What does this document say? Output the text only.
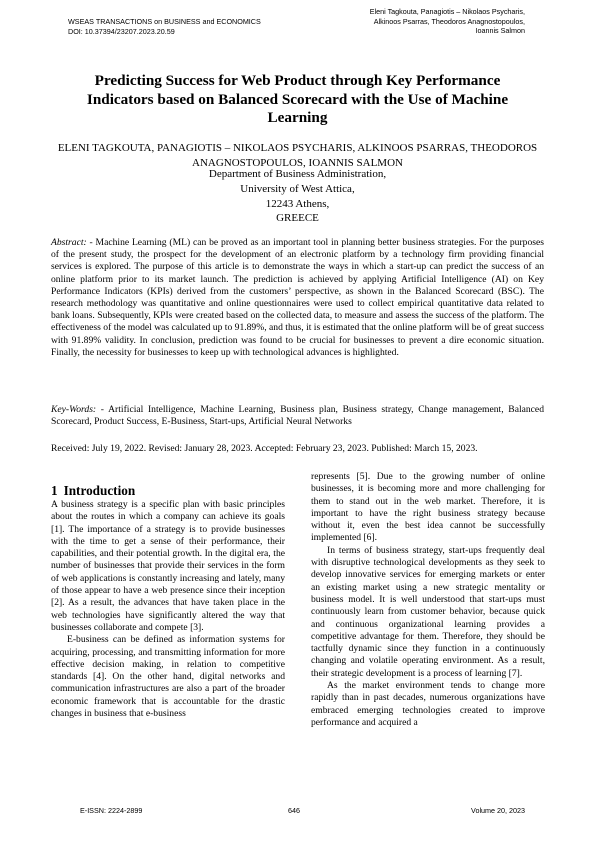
WSEAS TRANSACTIONS on BUSINESS and ECONOMICS
DOI: 10.37394/23207.2023.20.59
Eleni Tagkouta, Panagiotis – Nikolaos Psycharis,
Alkinoos Psarras, Theodoros Anagnostopoulos,
Ioannis Salmon
Predicting Success for Web Product through Key Performance Indicators based on Balanced Scorecard with the Use of Machine Learning
ELENI TAGKOUTA, PANAGIOTIS – NIKOLAOS PSYCHARIS, ALKINOOS PSARRAS, THEODOROS ANAGNOSTOPOULOS, IOANNIS SALMON
Department of Business Administration,
University of West Attica,
12243 Athens,
GREECE
Abstract: - Machine Learning (ML) can be proved as an important tool in planning better business strategies. For the purposes of the present study, the prospect for the development of an electronic platform by a technology firm providing financial services is explored. The purpose of this article is to demonstrate the ways in which a start-up can predict the success of an online platform prior to its market launch. The prediction is achieved by applying Artificial Intelligence (AI) on Key Performance Indicators (KPIs) derived from the customers’ perspective, as shown in the Balanced Scorecard (BSC). The research methodology was quantitative and online questionnaires were used to collect empirical quantitative data related to bank loans. Subsequently, KPIs were created based on the collected data, to measure and assess the success of the platform. The effectiveness of the model was calculated up to 91.89%, and thus, it is estimated that the online platform will be of great success with 91.89% validity. In conclusion, prediction was found to be crucial for businesses to prevent a dire economic situation. Finally, the necessity for businesses to keep up with technological advances is highlighted.
Key-Words: - Artificial Intelligence, Machine Learning, Business plan, Business strategy, Change management, Balanced Scorecard, Product Success, E-Business, Start-ups, Artificial Neural Networks
Received: July 19, 2022. Revised: January 28, 2023. Accepted: February 23, 2023. Published: March 15, 2023.
1 Introduction

A business strategy is a specific plan with basic principles about the routes in which a company can achieve its goals [1]. The importance of a strategy is to provide businesses with the time to get a sense of their performance, their capabilities, and their potential growth. In the digital era, the number of businesses that provide their services in the form of web applications is constantly increasing and lately, many of those appear to have a web presence since their inception [2]. As a result, the advances that have taken place in the web technologies have significantly altered the way that businesses collaborate and compete [3].

E-business can be defined as information systems for acquiring, processing, and transmitting information for more effective decision making, in relation to competitive standards [4]. On the other hand, digital networks and communication infrastructures are also a part of the broader economic framework that is accountable for the drastic changes in business that e-business

represents [5]. Due to the growing number of online businesses, it is becoming more and more challenging for them to stand out in the web market. Therefore, it is important to have the right business strategy because without it, even the best idea cannot be successfully implemented [6].

In terms of business strategy, start-ups frequently deal with disruptive technological developments as they seek to develop innovative services for emerging markets or enter an existing market using a new strategic mentality or business model. It is well understood that start-ups must continuously learn from customer behavior, because quick and continuous organizational learning provides a competitive advantage for them. Therefore, they should be tactfully dynamic since they function in a continuously changing and volatile operating environment. As a result, their strategic development is a process of learning [7].

As the market environment tends to change more rapidly than in past decades, numerous organizations have embraced emerging technologies created to improve performance and acquired a

E-ISSN: 2224-2899	646	Volume 20, 2023
